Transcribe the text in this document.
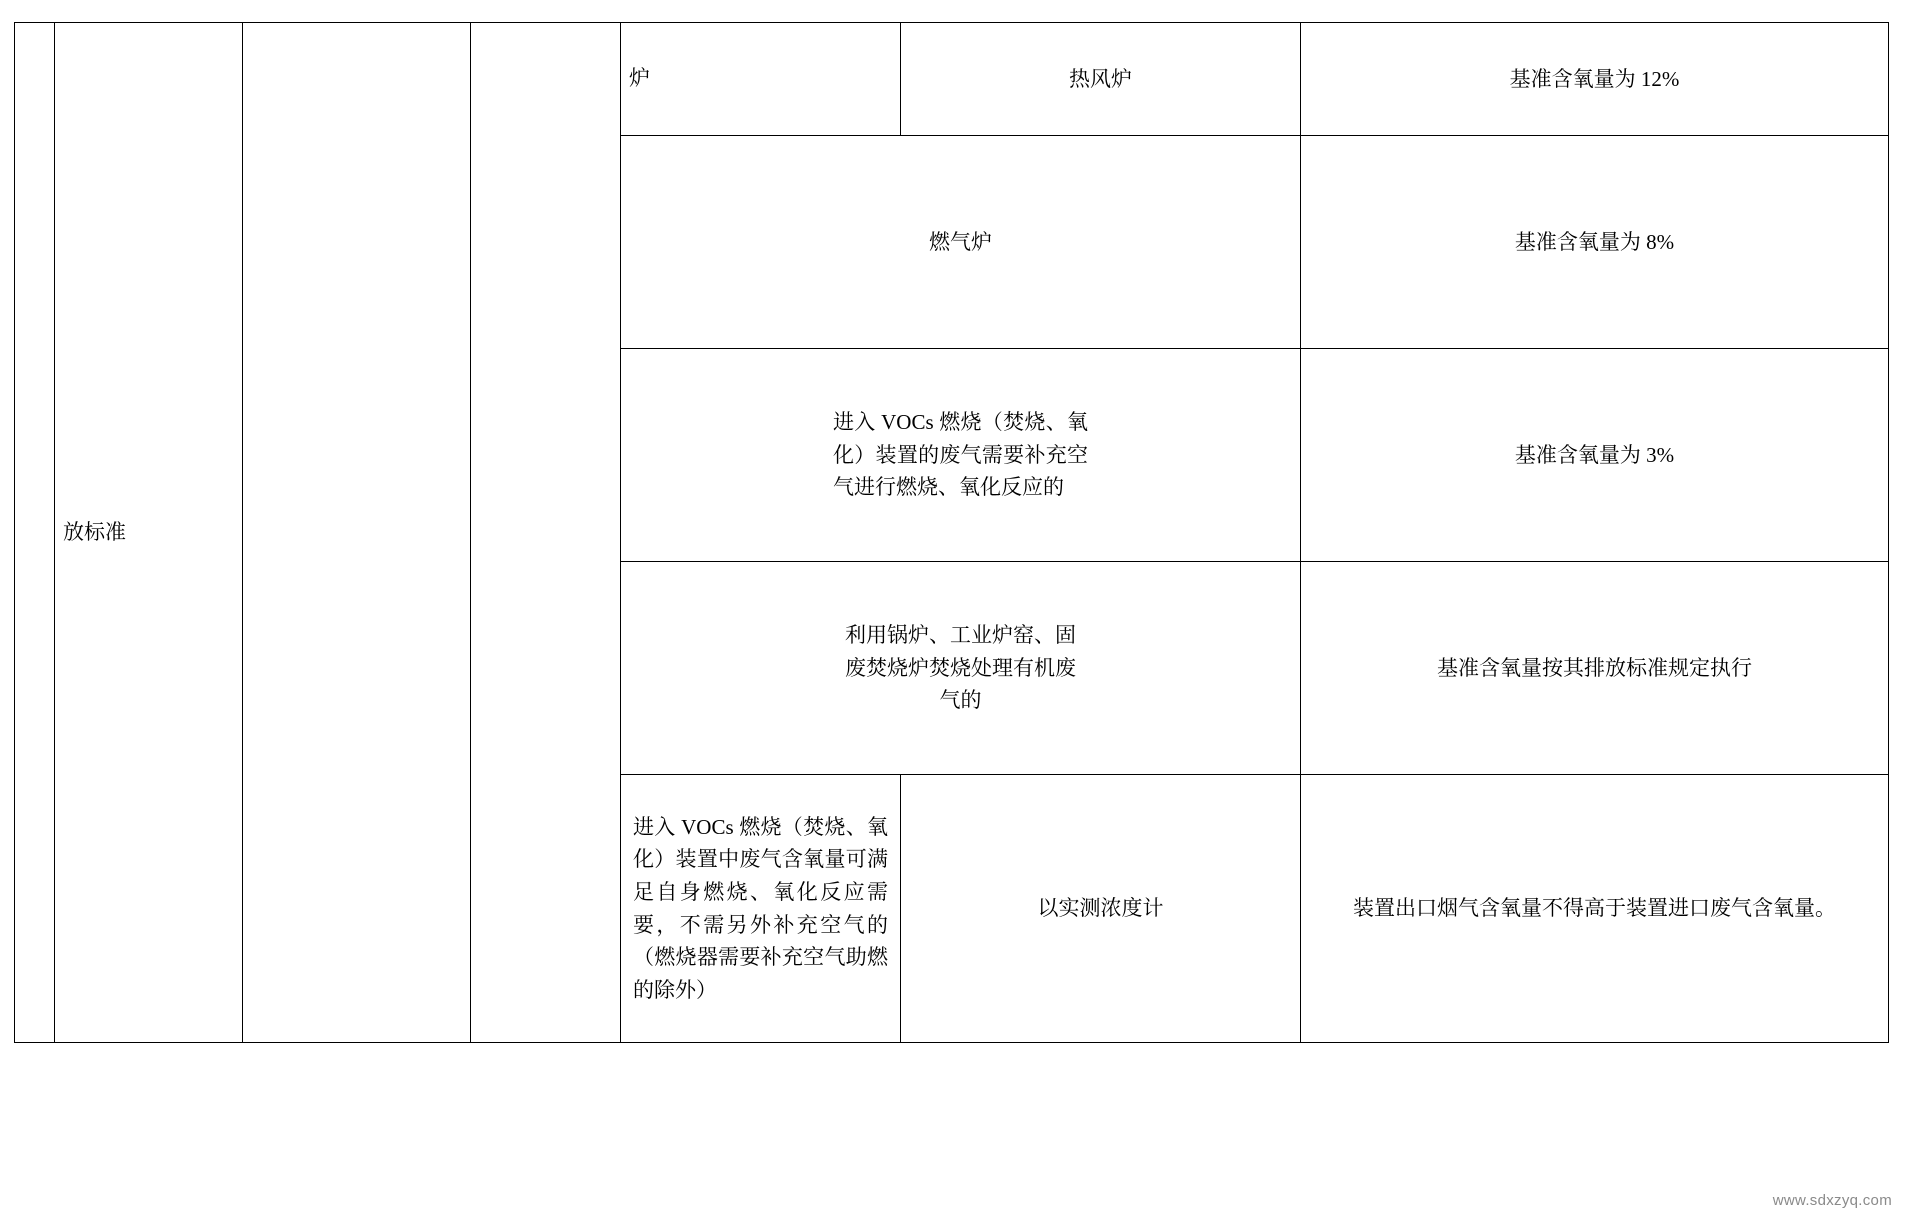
	放标准			炉	热风炉	基准含氧量为 12%
				燃气炉		基准含氧量为 8%

				进入 VOCs 燃烧（焚烧、氧化）装置的废气需要补充空气进行燃烧、氧化反应的		基准含氧量为 3%

				利用锅炉、工业炉窑、固废焚烧炉焚烧处理有机废气的		基准含氧量按其排放标准规定执行

				进入 VOCs 燃烧（焚烧、氧化）装置中废气含氧量可满足自身燃烧、氧化反应需要，不需另外补充空气的（燃烧器需要补充空气助燃的除外）	以实测浓度计	装置出口烟气含氧量不得高于装置进口废气含氧量。
www.sdxzyq.com
